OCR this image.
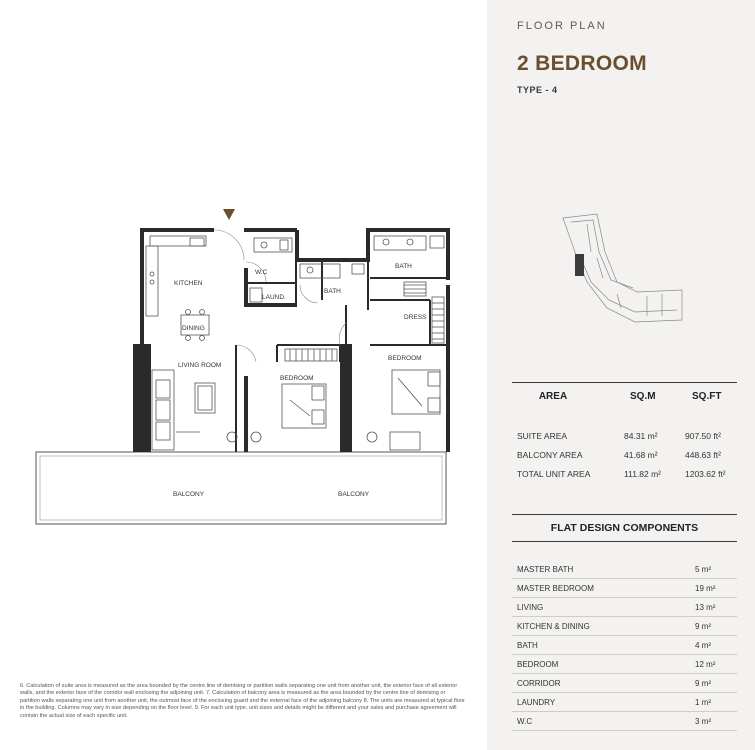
KITCHEN
DINING
LIVING ROOM
W.C
LAUND.
BATH
BATH
DRESS
BEDROOM
BEDROOM
BALCONY	BALCONY
6. Calculation of suite area is measured as the area bounded by the centre line of demising or partition walls separating one unit from another unit, the exterior face of all exterior walls, and the exterior face of the corridor wall enclosing the adjoining unit. 7. Calculation of balcony area is measured as the area bounded by the centre line of demising or partition walls separating one unit from another unit, the outmost face of the enclosing guard and the external face of the adjoining balcony 8. The units are measured at typical floor in the building. Columns may vary in size depending on the floor level. 9. For each unit type, unit sizes and details might be different and your sales and purchase agreement will contain the actual size of each specific unit.
FLOOR PLAN
2 BEDROOM
TYPE - 4
AREA	SQ.M	SQ.FT
SUITE AREA	84.31 m²	907.50 ft²
BALCONY AREA	41.68 m²	448.63 ft²
TOTAL UNIT AREA	111.82 m²	1203.62 ft²
FLAT DESIGN COMPONENTS
MASTER BATH	5 m²
MASTER BEDROOM	19 m²
LIVING	13 m²
KITCHEN & DINING	9 m²
BATH	4 m²
BEDROOM	12 m²
CORRIDOR	9 m²
LAUNDRY	1 m²
W.C	3 m²
